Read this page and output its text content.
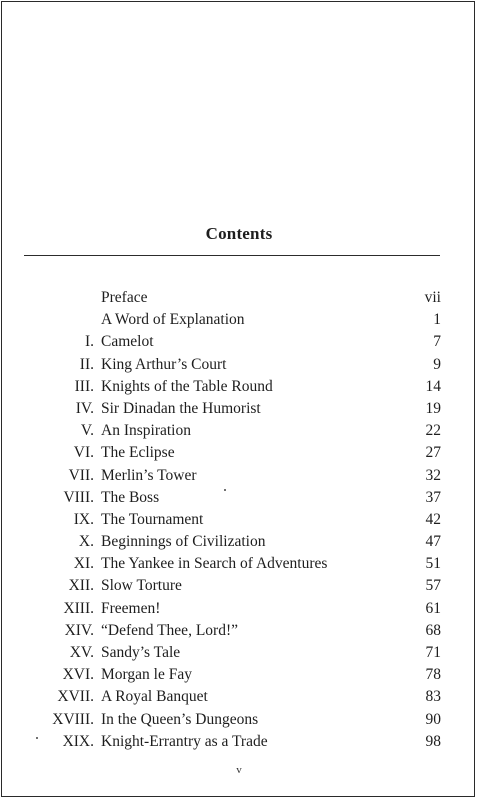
Contents
Preface	vii
A Word of Explanation	1
I. Camelot	7
II. King Arthur’s Court	9
III. Knights of the Table Round	14
IV. Sir Dinadan the Humorist	19
V. An Inspiration	22
VI. The Eclipse	27
VII. Merlin’s Tower	32
VIII. The Boss	37
IX. The Tournament	42
X. Beginnings of Civilization	47
XI. The Yankee in Search of Adventures	51
XII. Slow Torture	57
XIII. Freemen!	61
XIV. “Defend Thee, Lord!”	68
XV. Sandy’s Tale	71
XVI. Morgan le Fay	78
XVII. A Royal Banquet	83
XVIII. In the Queen’s Dungeons	90
XIX. Knight-Errantry as a Trade	98
v
